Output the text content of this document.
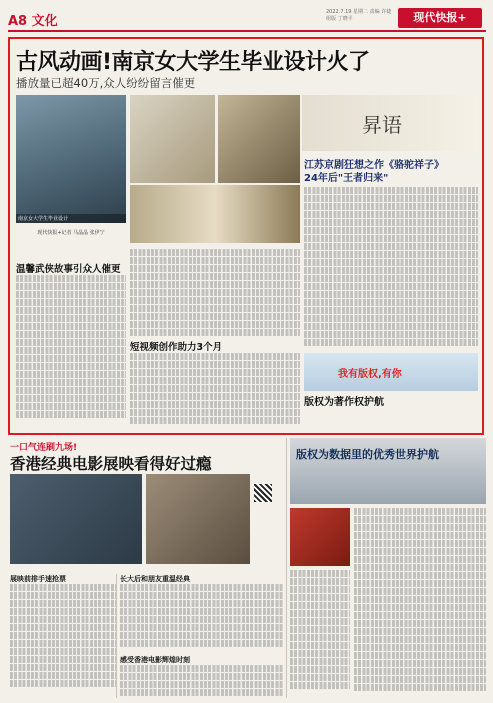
A8 文化
2022.7.19 星期二 责编 许婕 组版 丁晓平	现代快报+
古风动画!南京女大学生毕业设计火了
播放量已超40万,众人纷纷留言催更
南京女大学生毕业设计
昇语
现代快报+记者 马晶晶 张伊宁
江苏京剧狂想之作《骆驼祥子》
24年后"王者归来"
温馨武侠故事引众人催更
短视频创作助力3个月
我有版权,有你
版权为著作权护航
一口气连刷九场!
香港经典电影展映看得好过瘾
展映前排手速抢票	长大后和朋友重温经典
感受香港电影辉煌时刻
版权为数据里的优秀世界护航
